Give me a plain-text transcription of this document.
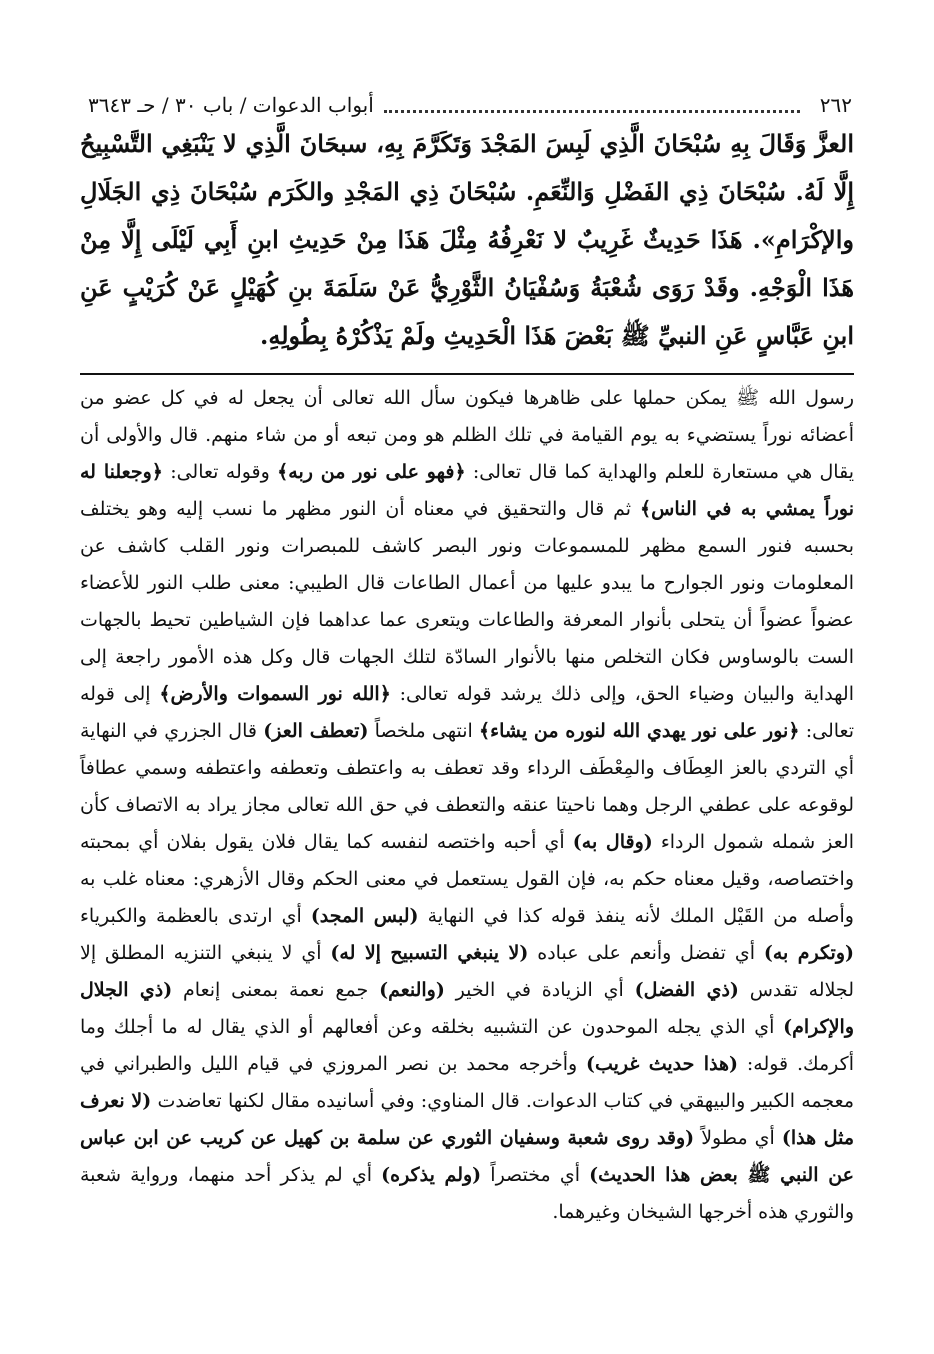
٢٦٢
أبواب الدعوات / باب ٣٠ / حـ ٣٦٤٣

العزَّ وَقَالَ بِهِ سُبْحَانَ الَّذِي لَبِسَ المَجْدَ وَتَكَرَّمَ بِهِ، سبحَانَ الَّذِي لا يَنْبَغِي التَّسْبِيحُ إِلَّا لَهُ. سُبْحَانَ ذِي الفَضْلِ وَالنِّعَمِ. سُبْحَانَ ذِي المَجْدِ والكَرَم سُبْحَانَ ذِي الجَلَالِ والإكْرَامِ». هَذَا حَدِيثٌ غَرِيبٌ لا نَعْرِفُهُ مِثْلَ هَذَا مِنْ حَدِيثِ ابنِ أَبِي لَيْلَى إِلَّا مِنْ هَذَا الْوَجْهِ. وقَدْ رَوَى شُعْبَةُ وَسُفْيَانُ الثَّوْرِيُّ عَنْ سَلَمَةَ بنِ كُهَيْلٍ عَنْ كُرَيْبٍ عَنِ ابنِ عَبَّاسٍ عَنِ النبيِّ ﷺ بَعْضَ هَذَا الْحَدِيثِ ولَمْ يَذْكُرْهُ بِطُولِهِ.

رسول الله ﷺ يمكن حملها على ظاهرها فيكون سأل الله تعالى أن يجعل له في كل عضو من أعضائه نوراً يستضيء به يوم القيامة في تلك الظلم هو ومن تبعه أو من شاء منهم. قال والأولى أن يقال هي مستعارة للعلم والهداية كما قال تعالى: ﴿فهو على نور من ربه﴾ وقوله تعالى: ﴿وجعلنا له نوراً يمشي به في الناس﴾ ثم قال والتحقيق في معناه أن النور مظهر ما نسب إليه وهو يختلف بحسبه فنور السمع مظهر للمسموعات ونور البصر كاشف للمبصرات ونور القلب كاشف عن المعلومات ونور الجوارح ما يبدو عليها من أعمال الطاعات قال الطيبي: معنى طلب النور للأعضاء عضواً عضواً أن يتحلى بأنوار المعرفة والطاعات ويتعرى عما عداهما فإن الشياطين تحيط بالجهات الست بالوساوس فكان التخلص منها بالأنوار السادّة لتلك الجهات قال وكل هذه الأمور راجعة إلى الهداية والبيان وضياء الحق، وإلى ذلك يرشد قوله تعالى: ﴿الله نور السموات والأرض﴾ إلى قوله تعالى: ﴿نور على نور يهدي الله لنوره من يشاء﴾ انتهى ملخصاً (تعطف العز) قال الجزري في النهاية أي التردي بالعز العِطَاف والمِعْطَف الرداء وقد تعطف به واعتطف وتعطفه واعتطفه وسمي عطافاً لوقوعه على عطفي الرجل وهما ناحيتا عنقه والتعطف في حق الله تعالى مجاز يراد به الاتصاف كأن العز شمله شمول الرداء (وقال به) أي أحبه واختصه لنفسه كما يقال فلان يقول بفلان أي بمحبته واختصاصه، وقيل معناه حكم به، فإن القول يستعمل في معنى الحكم وقال الأزهري: معناه غلب به وأصله من القَيْل الملك لأنه ينفذ قوله كذا في النهاية (لبس المجد) أي ارتدى بالعظمة والكبرياء (وتكرم به) أي تفضل وأنعم على عباده (لا ينبغي التسبيح إلا له) أي لا ينبغي التنزيه المطلق إلا لجلاله تقدس (ذي الفضل) أي الزيادة في الخير (والنعم) جمع نعمة بمعنى إنعام (ذي الجلال والإكرام) أي الذي يجله الموحدون عن التشبيه بخلقه وعن أفعالهم أو الذي يقال له ما أجلك وما أكرمك. قوله: (هذا حديث غريب) وأخرجه محمد بن نصر المروزي في قيام الليل والطبراني في معجمه الكبير والبيهقي في كتاب الدعوات. قال المناوي: وفي أسانيده مقال لكنها تعاضدت (لا نعرف مثل هذا) أي مطولاً (وقد روى شعبة وسفيان الثوري عن سلمة بن كهيل عن كريب عن ابن عباس عن النبي ﷺ بعض هذا الحديث) أي مختصراً (ولم يذكره) أي لم يذكر أحد منهما، ورواية شعبة والثوري هذه أخرجها الشيخان وغيرهما.
